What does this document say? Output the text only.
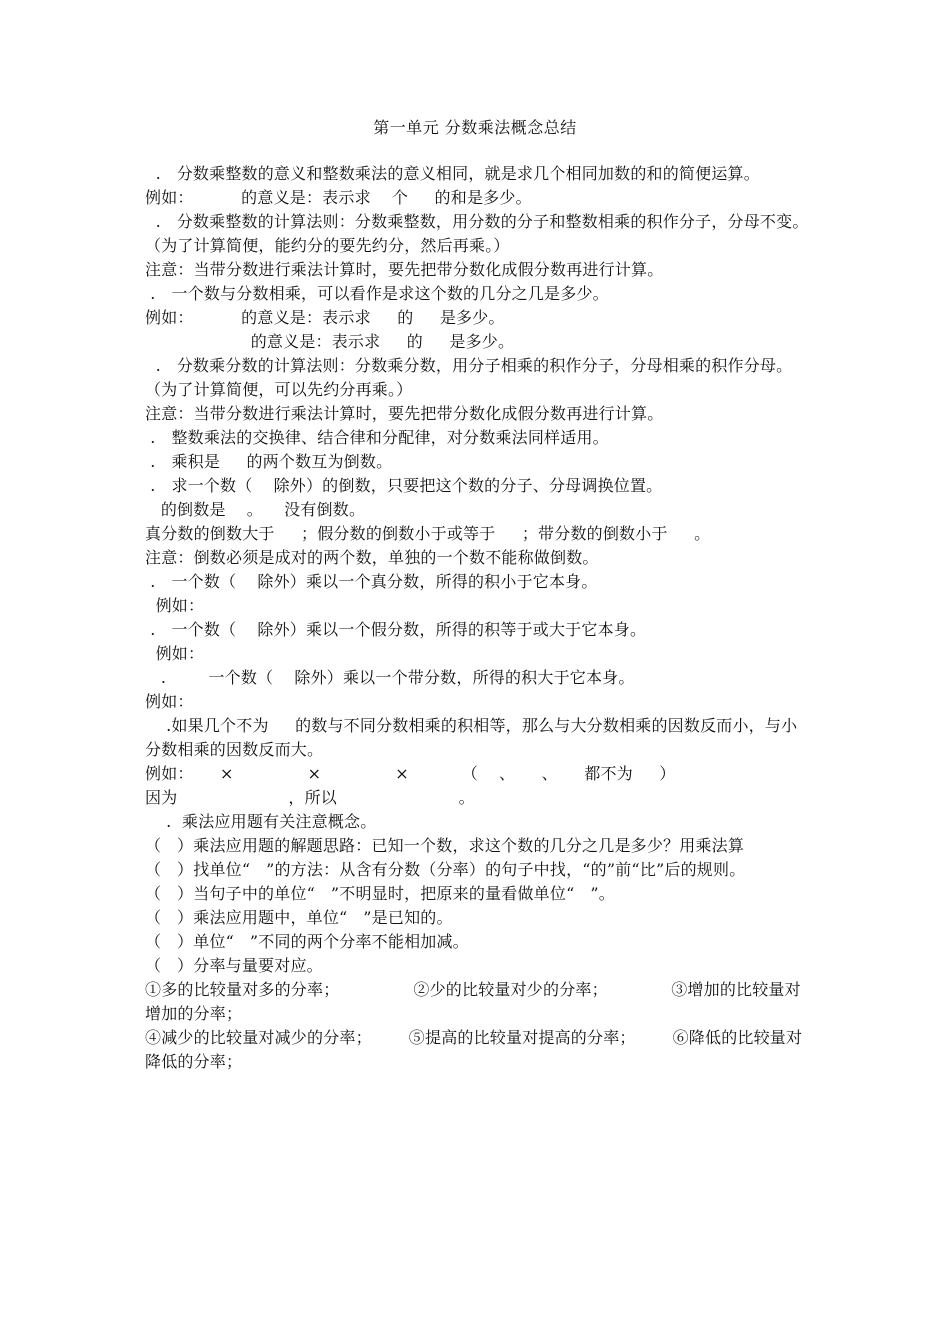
第一单元 分数乘法概念总结

.   分数乘整数的意义和整数乘法的意义相同，就是求几个相同加数的和的简便运算。

例如：         的意义是：表示求    个     的和是多少。

.   分数乘整数的计算法则：分数乘整数，用分数的分子和整数相乘的积作分子，分母不变。（为了计算简便，能约分的要先约分，然后再乘。）

注意：当带分数进行乘法计算时，要先把带分数化成假分数再进行计算。

.   一个数与分数相乘，可以看作是求这个数的几分之几是多少。

例如：         的意义是：表示求     的     是多少。

的意义是：表示求     的     是多少。

.   分数乘分数的计算法则：分数乘分数，用分子相乘的积作分子，分母相乘的积作分母。（为了计算简便，可以先约分再乘。）

注意：当带分数进行乘法计算时，要先把带分数化成假分数再进行计算。

.   整数乘法的交换律、结合律和分配律，对分数乘法同样适用。

.   乘积是     的两个数互为倒数。

.   求一个数（    除外）的倒数，只要把这个数的分子、分母调换位置。

的倒数是    。    没有倒数。

真分数的倒数大于     ；假分数的倒数小于或等于     ；带分数的倒数小于     。

注意：倒数必须是成对的两个数，单独的一个数不能称做倒数。

.   一个数（    除外）乘以一个真分数，所得的积小于它本身。

例如：

.   一个数（    除外）乘以一个假分数，所得的积等于或大于它本身。

例如：

.        一个数（    除外）乘以一个带分数，所得的积大于它本身。

例如：

.如果几个不为     的数与不同分数相乘的积相等，那么与大分数相乘的因数反而小，与小分数相乘的因数反而大。

例如：     ×              ×              ×          （    、     、     都不为     ）

因为                     ，所以                       。

.  乘法应用题有关注意概念。

（   ）乘法应用题的解题思路：已知一个数，求这个数的几分之几是多少？用乘法算

（   ）找单位“   ”的方法：从含有分数（分率）的句子中找，“的”前“比”后的规则。

（   ）当句子中的单位“   ”不明显时，把原来的量看做单位“   ”。

（   ）乘法应用题中，单位“   ”是已知的。

（   ）单位“   ”不同的两个分率不能相加减。

（   ）分率与量要对应。

①多的比较量对多的分率；              ②少的比较量对少的分率；            ③增加的比较量对增加的分率；

④减少的比较量对减少的分率；       ⑤提高的比较量对提高的分率；       ⑥降低的比较量对降低的分率；
